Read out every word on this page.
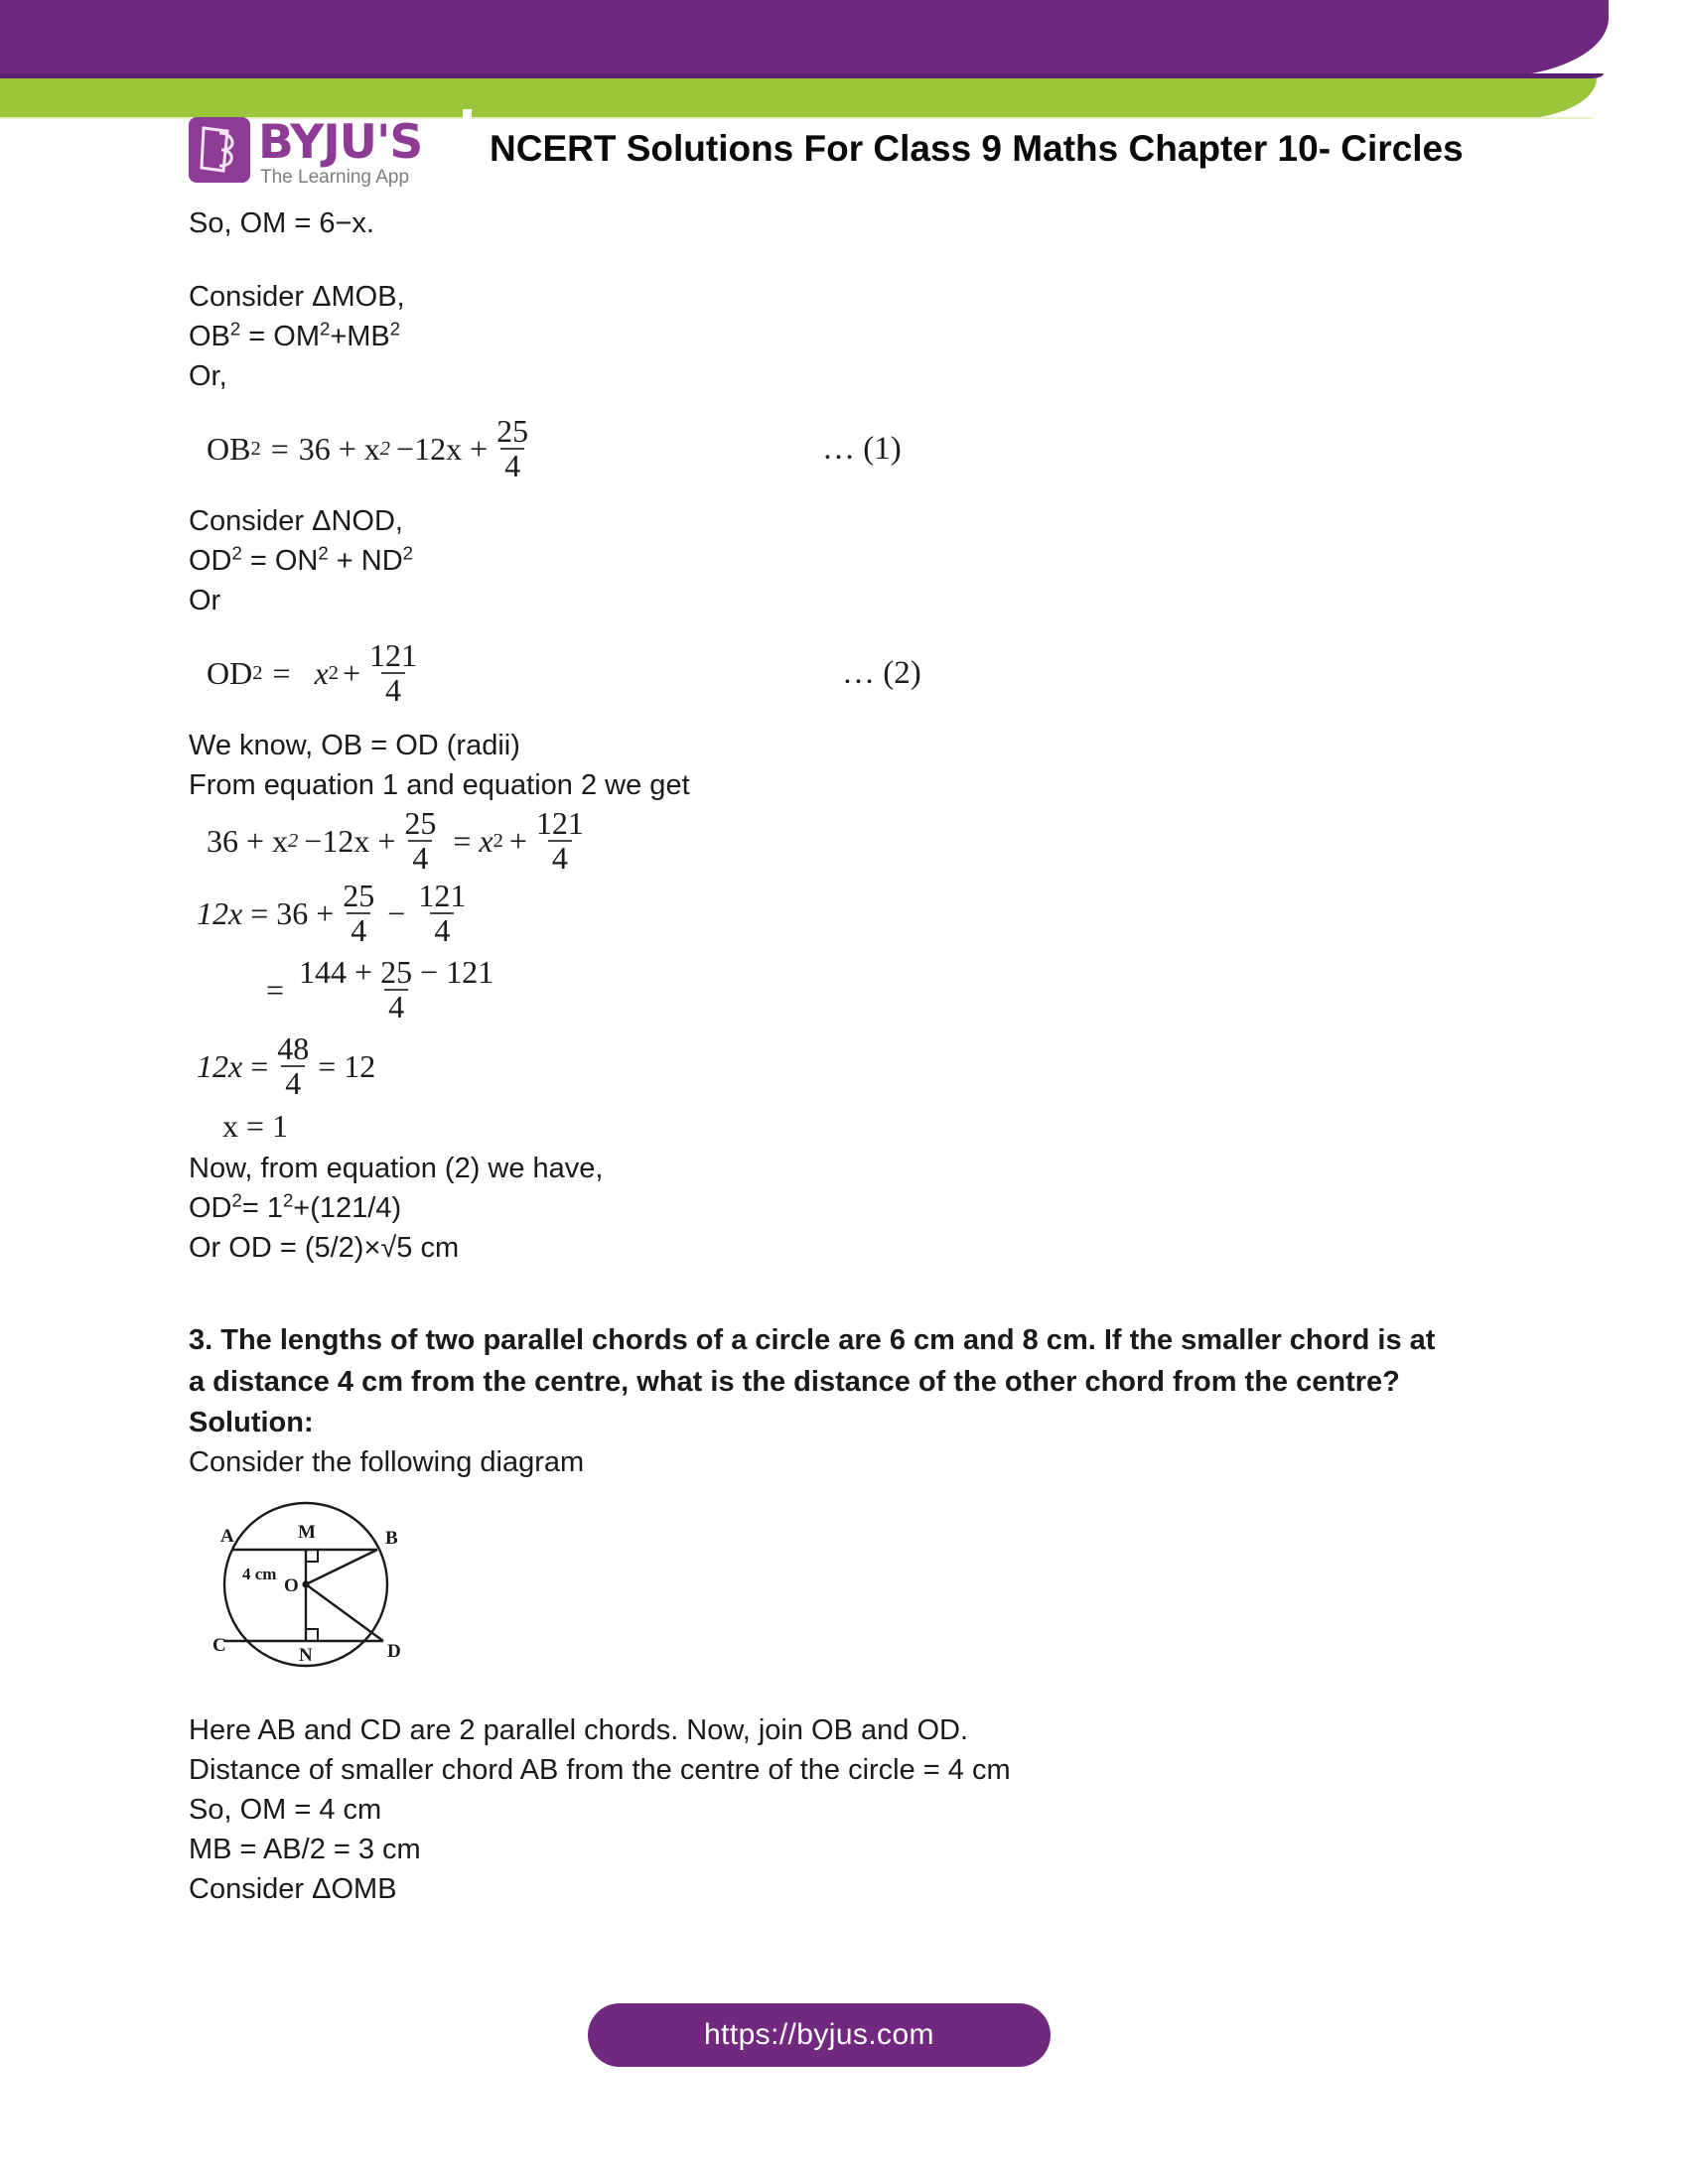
BYJU'S
The Learning App
NCERT Solutions For Class 9 Maths Chapter 10- Circles
So, OM = 6−x.
Consider ΔMOB,
$OB^2 = OM^2+MB^2$
Or,
OB 2 = 36 + x $2 -12x + \frac{25}{4}$	… (1)
Consider ΔNOD,
$OD^2 = ON^2 + ND^2$
Or
OD 2 = x $2 + \frac{121}{4}$	… (2)
We know, OB = OD (radii)
From equation 1 and equation 2 we get
36 + x $2 -12x + \frac{25}{4} = x$ $2 + \frac{121}{4}$
$12x = 36 + \frac{25}{4} - \frac{121}{4}$
= $\frac{144 + 25 - 121}{4}$
$12x = \frac{48}{4} = 12$
x = 1
Now, from equation (2) we have,
$OD^2= 1^2+(121/4)$
Or OD = (5/2)×√5 cm
3. The lengths of two parallel chords of a circle are 6 cm and 8 cm. If the smaller chord is at a distance 4 cm from the centre, what is the distance of the other chord from the centre?
Solution:
Consider the following diagram
A	B
C	D
M
N
O
4 cm
Here AB and CD are 2 parallel chords. Now, join OB and OD.
Distance of smaller chord AB from the centre of the circle = 4 cm
So, OM = 4 cm
MB = AB/2 = 3 cm
Consider ΔOMB
https://byjus.com
